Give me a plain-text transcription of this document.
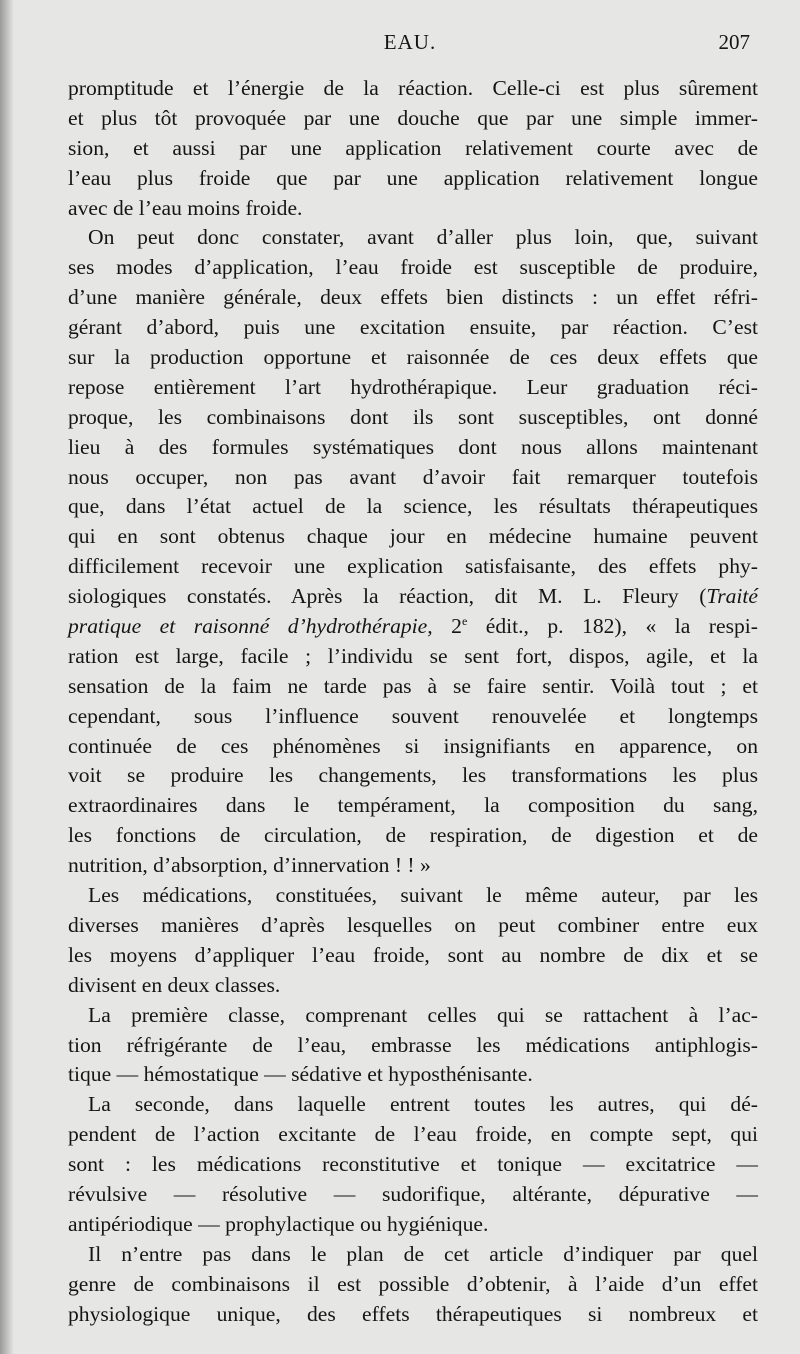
EAU.	207
promptitude et l’énergie de la réaction. Celle-ci est plus sûrement
et plus tôt provoquée par une douche que par une simple immer-
sion, et aussi par une application relativement courte avec de
l’eau plus froide que par une application relativement longue
avec de l’eau moins froide.
On peut donc constater, avant d’aller plus loin, que, suivant
ses modes d’application, l’eau froide est susceptible de produire,
d’une manière générale, deux effets bien distincts : un effet réfri-
gérant d’abord, puis une excitation ensuite, par réaction. C’est
sur la production opportune et raisonnée de ces deux effets que
repose entièrement l’art hydrothérapique. Leur graduation réci-
proque, les combinaisons dont ils sont susceptibles, ont donné
lieu à des formules systématiques dont nous allons maintenant
nous occuper, non pas avant d’avoir fait remarquer toutefois
que, dans l’état actuel de la science, les résultats thérapeutiques
qui en sont obtenus chaque jour en médecine humaine peuvent
difficilement recevoir une explication satisfaisante, des effets phy-
siologiques constatés. Après la réaction, dit M. L. Fleury (Traité
pratique et raisonné d’hydrothérapie, 2e édit., p. 182), « la respi-
ration est large, facile ; l’individu se sent fort, dispos, agile, et la
sensation de la faim ne tarde pas à se faire sentir. Voilà tout ; et
cependant, sous l’influence souvent renouvelée et longtemps
continuée de ces phénomènes si insignifiants en apparence, on
voit se produire les changements, les transformations les plus
extraordinaires dans le tempérament, la composition du sang,
les fonctions de circulation, de respiration, de digestion et de
nutrition, d’absorption, d’innervation ! ! »
Les médications, constituées, suivant le même auteur, par les
diverses manières d’après lesquelles on peut combiner entre eux
les moyens d’appliquer l’eau froide, sont au nombre de dix et se
divisent en deux classes.
La première classe, comprenant celles qui se rattachent à l’ac-
tion réfrigérante de l’eau, embrasse les médications antiphlogis-
tique — hémostatique — sédative et hyposthénisante.
La seconde, dans laquelle entrent toutes les autres, qui dé-
pendent de l’action excitante de l’eau froide, en compte sept, qui
sont : les médications reconstitutive et tonique — excitatrice —
révulsive — résolutive — sudorifique, altérante, dépurative —
antipériodique — prophylactique ou hygiénique.
Il n’entre pas dans le plan de cet article d’indiquer par quel
genre de combinaisons il est possible d’obtenir, à l’aide d’un effet
physiologique unique, des effets thérapeutiques si nombreux et
